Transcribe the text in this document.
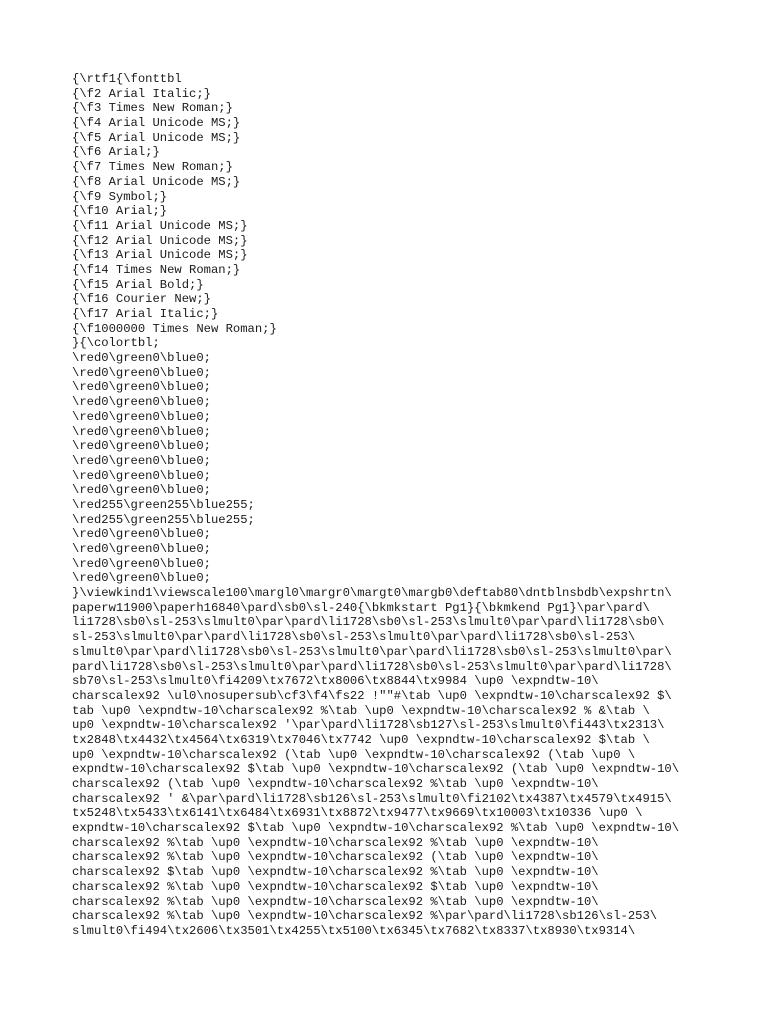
{\rtf1{\fonttbl
{\f2 Arial Italic;}
{\f3 Times New Roman;}
{\f4 Arial Unicode MS;}
{\f5 Arial Unicode MS;}
{\f6 Arial;}
{\f7 Times New Roman;}
{\f8 Arial Unicode MS;}
{\f9 Symbol;}
{\f10 Arial;}
{\f11 Arial Unicode MS;}
{\f12 Arial Unicode MS;}
{\f13 Arial Unicode MS;}
{\f14 Times New Roman;}
{\f15 Arial Bold;}
{\f16 Courier New;}
{\f17 Arial Italic;}
{\f1000000 Times New Roman;}
}{\colortbl;
\red0\green0\blue0;
\red0\green0\blue0;
\red0\green0\blue0;
\red0\green0\blue0;
\red0\green0\blue0;
\red0\green0\blue0;
\red0\green0\blue0;
\red0\green0\blue0;
\red0\green0\blue0;
\red0\green0\blue0;
\red255\green255\blue255;
\red255\green255\blue255;
\red0\green0\blue0;
\red0\green0\blue0;
\red0\green0\blue0;
\red0\green0\blue0;
}\viewkind1\viewscale100\margl0\margr0\margt0\margb0\deftab80\dntblnsbdb\expshrtn\
paperw11900\paperh16840\pard\sb0\sl-240{\bkmkstart Pg1}{\bkmkend Pg1}\par\pard\
li1728\sb0\sl-253\slmult0\par\pard\li1728\sb0\sl-253\slmult0\par\pard\li1728\sb0\
sl-253\slmult0\par\pard\li1728\sb0\sl-253\slmult0\par\pard\li1728\sb0\sl-253\
slmult0\par\pard\li1728\sb0\sl-253\slmult0\par\pard\li1728\sb0\sl-253\slmult0\par\
pard\li1728\sb0\sl-253\slmult0\par\pard\li1728\sb0\sl-253\slmult0\par\pard\li1728\
sb70\sl-253\slmult0\fi4209\tx7672\tx8006\tx8844\tx9984 \up0 \expndtw-10\
charscalex92 \ul0\nosupersub\cf3\f4\fs22 !""#\tab \up0 \expndtw-10\charscalex92 $\
tab \up0 \expndtw-10\charscalex92 %\tab \up0 \expndtw-10\charscalex92 % &\tab \
up0 \expndtw-10\charscalex92 '\par\pard\li1728\sb127\sl-253\slmult0\fi443\tx2313\
tx2848\tx4432\tx4564\tx6319\tx7046\tx7742 \up0 \expndtw-10\charscalex92 $\tab \
up0 \expndtw-10\charscalex92 (\tab \up0 \expndtw-10\charscalex92 (\tab \up0 \
expndtw-10\charscalex92 $\tab \up0 \expndtw-10\charscalex92 (\tab \up0 \expndtw-10\
charscalex92 (\tab \up0 \expndtw-10\charscalex92 %\tab \up0 \expndtw-10\
charscalex92 ' &\par\pard\li1728\sb126\sl-253\slmult0\fi2102\tx4387\tx4579\tx4915\
tx5248\tx5433\tx6141\tx6484\tx6931\tx8872\tx9477\tx9669\tx10003\tx10336 \up0 \
expndtw-10\charscalex92 $\tab \up0 \expndtw-10\charscalex92 %\tab \up0 \expndtw-10\
charscalex92 %\tab \up0 \expndtw-10\charscalex92 %\tab \up0 \expndtw-10\
charscalex92 %\tab \up0 \expndtw-10\charscalex92 (\tab \up0 \expndtw-10\
charscalex92 $\tab \up0 \expndtw-10\charscalex92 %\tab \up0 \expndtw-10\
charscalex92 %\tab \up0 \expndtw-10\charscalex92 $\tab \up0 \expndtw-10\
charscalex92 %\tab \up0 \expndtw-10\charscalex92 %\tab \up0 \expndtw-10\
charscalex92 %\tab \up0 \expndtw-10\charscalex92 %\par\pard\li1728\sb126\sl-253\
slmult0\fi494\tx2606\tx3501\tx4255\tx5100\tx6345\tx7682\tx8337\tx8930\tx9314\
